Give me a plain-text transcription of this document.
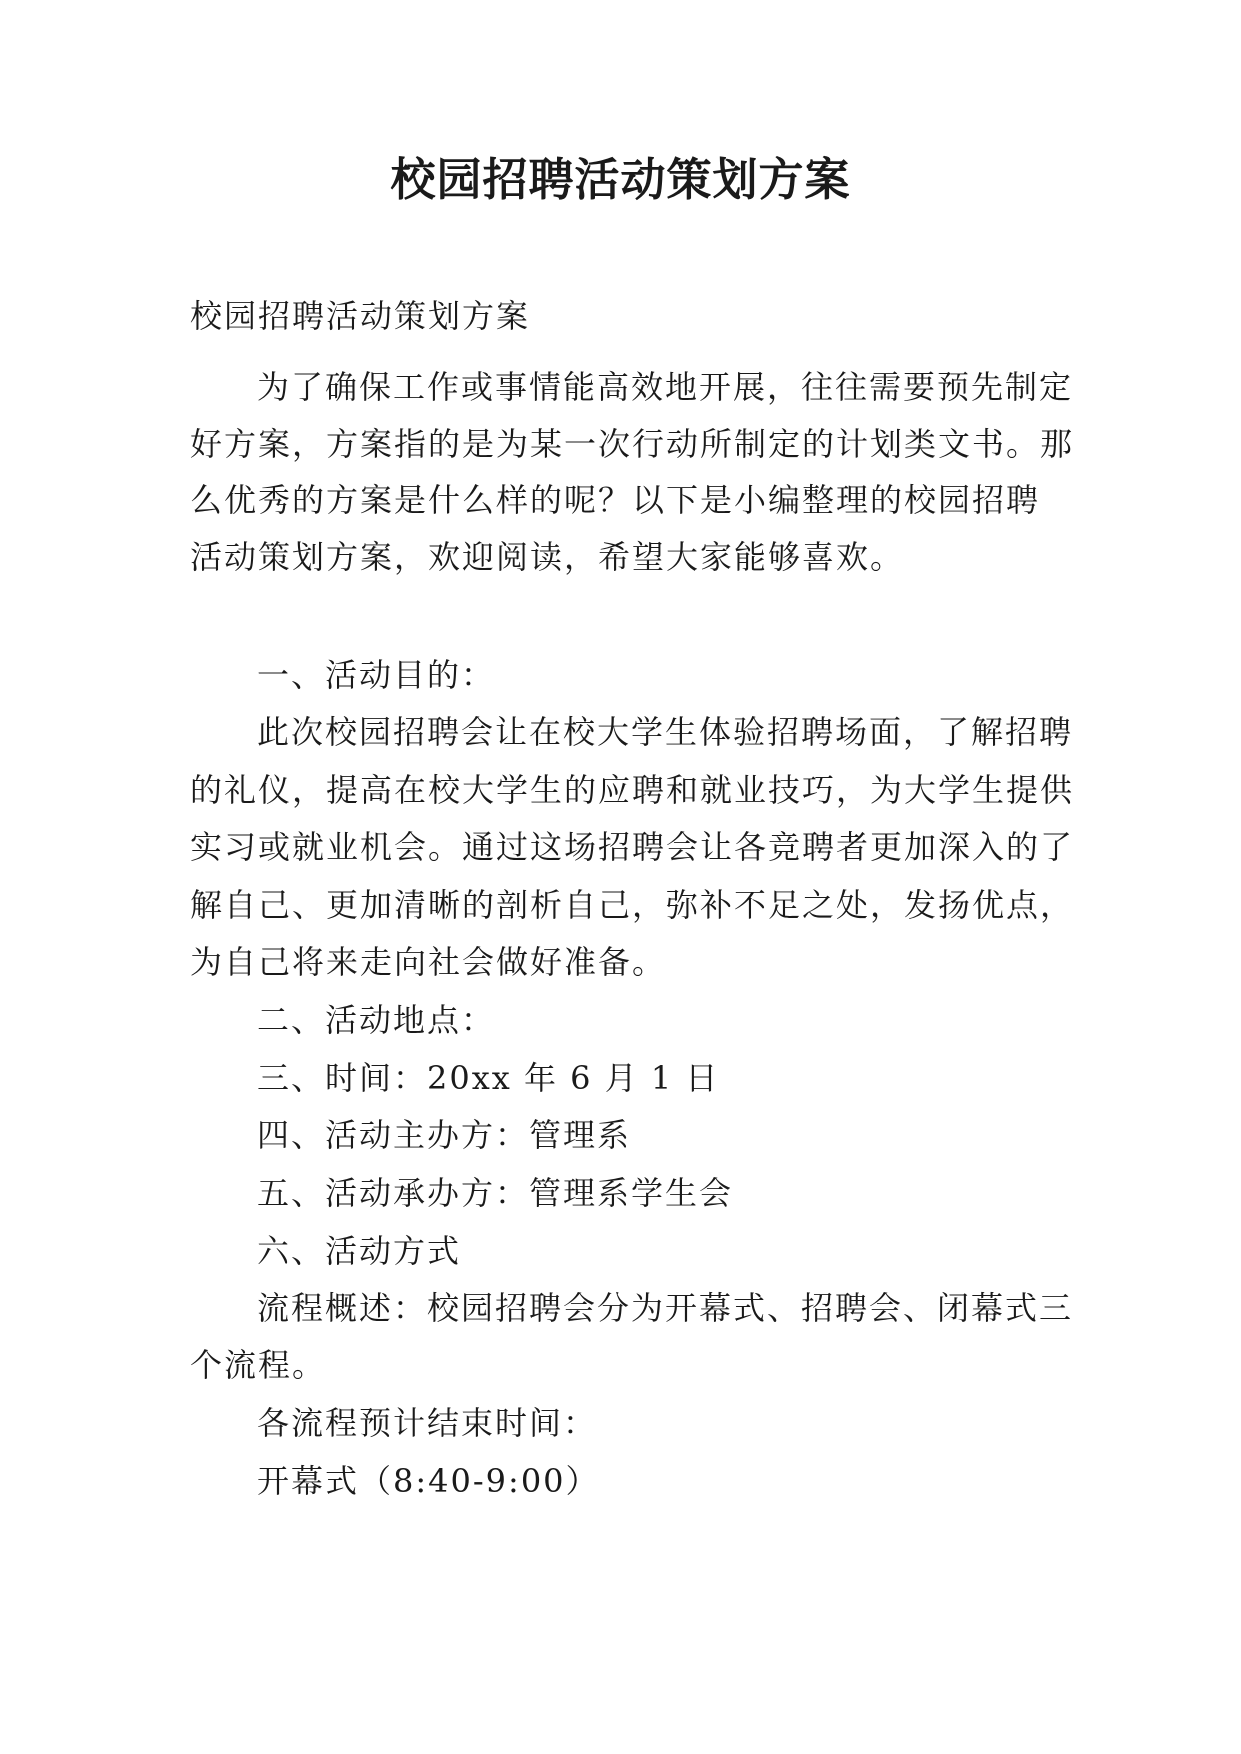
校园招聘活动策划方案
校园招聘活动策划方案
为了确保工作或事情能高效地开展，往往需要预先制定
好方案，方案指的是为某一次行动所制定的计划类文书。那
么优秀的方案是什么样的呢？以下是小编整理的校园招聘
活动策划方案，欢迎阅读，希望大家能够喜欢。
一、活动目的：
此次校园招聘会让在校大学生体验招聘场面，了解招聘
的礼仪，提高在校大学生的应聘和就业技巧，为大学生提供
实习或就业机会。通过这场招聘会让各竞聘者更加深入的了
解自己、更加清晰的剖析自己，弥补不足之处，发扬优点，
为自己将来走向社会做好准备。
二、活动地点：
三、时间：20xx 年 6 月 1 日
四、活动主办方：管理系
五、活动承办方：管理系学生会
六、活动方式
流程概述：校园招聘会分为开幕式、招聘会、闭幕式三
个流程。
各流程预计结束时间：
开幕式（8:40-9:00）
